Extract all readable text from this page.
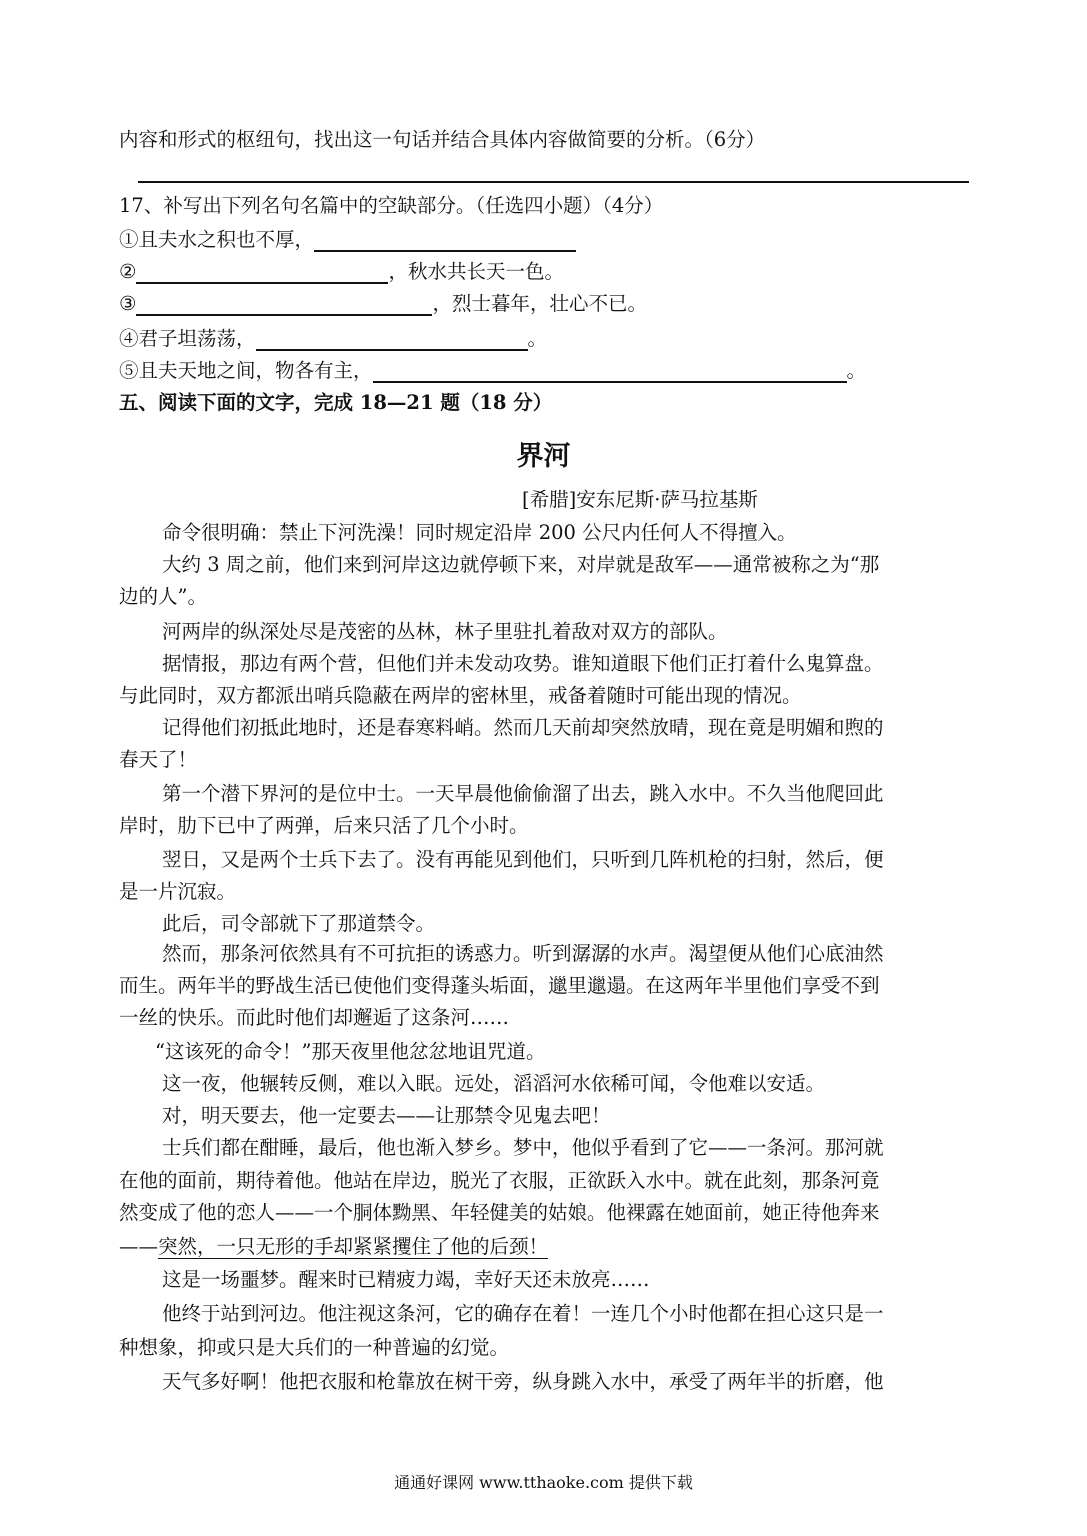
内容和形式的枢纽句，找出这一句话并结合具体内容做简要的分析。（6分）
17、补写出下列名句名篇中的空缺部分。（任选四小题）（4分）
①且夫水之积也不厚，
②	，秋水共长天一色。
③	，烈士暮年，壮心不已。
④君子坦荡荡，	。
⑤且夫天地之间，物各有主，	。
五、阅读下面的文字，完成 18—21 题（18 分）
界河
[希腊]安东尼斯·萨马拉基斯
命令很明确：禁止下河洗澡！同时规定沿岸 200 公尺内任何人不得擅入。
大约 3 周之前，他们来到河岸这边就停顿下来，对岸就是敌军——通常被称之为“那
边的人”。
河两岸的纵深处尽是茂密的丛林，林子里驻扎着敌对双方的部队。
据情报，那边有两个营，但他们并未发动攻势。谁知道眼下他们正打着什么鬼算盘。
与此同时，双方都派出哨兵隐蔽在两岸的密林里，戒备着随时可能出现的情况。
记得他们初抵此地时，还是春寒料峭。然而几天前却突然放晴，现在竟是明媚和煦的
春天了！
第一个潜下界河的是位中士。一天早晨他偷偷溜了出去，跳入水中。不久当他爬回此
岸时，肋下已中了两弹，后来只活了几个小时。
翌日，又是两个士兵下去了。没有再能见到他们，只听到几阵机枪的扫射，然后，便
是一片沉寂。
此后，司令部就下了那道禁令。
然而，那条河依然具有不可抗拒的诱惑力。听到潺潺的水声。渴望便从他们心底油然
而生。两年半的野战生活已使他们变得蓬头垢面，邋里邋遢。在这两年半里他们享受不到
一丝的快乐。而此时他们却邂逅了这条河……
“这该死的命令！”那天夜里他忿忿地诅咒道。
这一夜，他辗转反侧，难以入眠。远处，滔滔河水依稀可闻，令他难以安适。
对，明天要去，他一定要去——让那禁令见鬼去吧！
士兵们都在酣睡，最后，他也渐入梦乡。梦中，他似乎看到了它——一条河。那河就
在他的面前，期待着他。他站在岸边，脱光了衣服，正欲跃入水中。就在此刻，那条河竟
然变成了他的恋人——一个胴体黝黑、年轻健美的姑娘。他裸露在她面前，她正待他奔来
——突然，一只无形的手却紧紧攫住了他的后颈！
这是一场噩梦。醒来时已精疲力竭，幸好天还未放亮……
他终于站到河边。他注视这条河，它的确存在着！一连几个小时他都在担心这只是一
种想象，抑或只是大兵们的一种普遍的幻觉。
天气多好啊！他把衣服和枪靠放在树干旁，纵身跳入水中，承受了两年半的折磨，他
通通好课网 www.tthaoke.com 提供下载
